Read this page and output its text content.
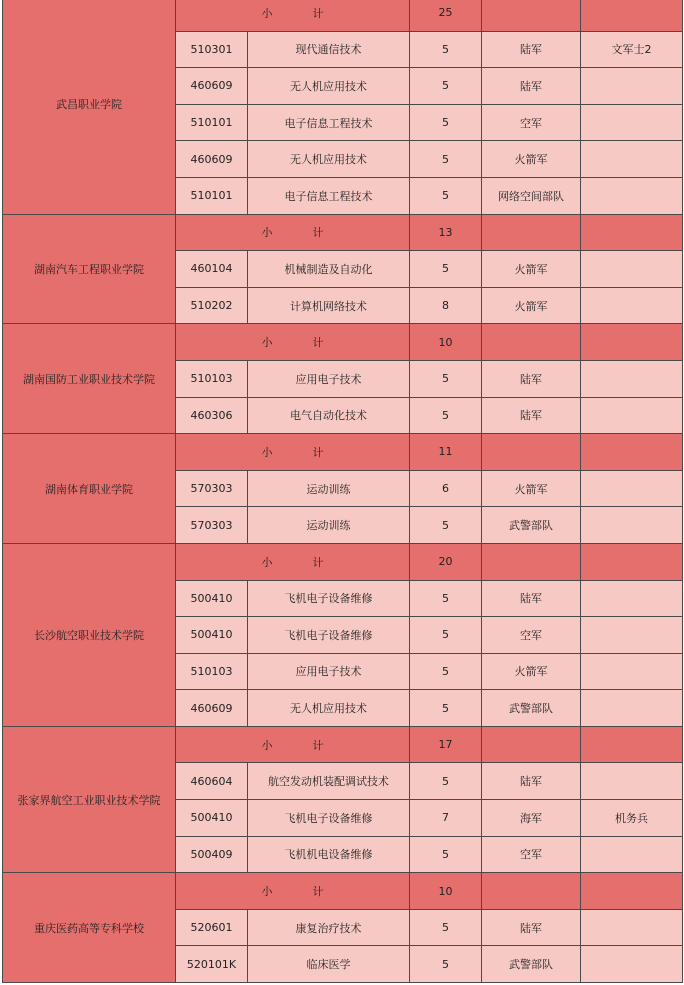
武昌职业学院	小 计		25		
	510301	现代通信技术	5	陆军	文军士2
	460609	无人机应用技术	5	陆军	
	510101	电子信息工程技术	5	空军	
	460609	无人机应用技术	5	火箭军	
	510101	电子信息工程技术	5	网络空间部队	
湖南汽车工程职业学院	小 计		13		
	460104	机械制造及自动化	5	火箭军	
	510202	计算机网络技术	8	火箭军	
湖南国防工业职业技术学院	小 计		10		
	510103	应用电子技术	5	陆军	
	460306	电气自动化技术	5	陆军	
湖南体育职业学院	小 计		11		
	570303	运动训练	6	火箭军	
	570303	运动训练	5	武警部队	
长沙航空职业技术学院	小 计		20		
	500410	飞机电子设备维修	5	陆军	
	500410	飞机电子设备维修	5	空军	
	510103	应用电子技术	5	火箭军	
	460609	无人机应用技术	5	武警部队	
张家界航空工业职业技术学院	小 计		17		
	460604	航空发动机装配调试技术	5	陆军	
	500410	飞机电子设备维修	7	海军	机务兵
	500409	飞机机电设备维修	5	空军	
重庆医药高等专科学校	小 计		10		
	520601	康复治疗技术	5	陆军	
	520101K	临床医学	5	武警部队	
